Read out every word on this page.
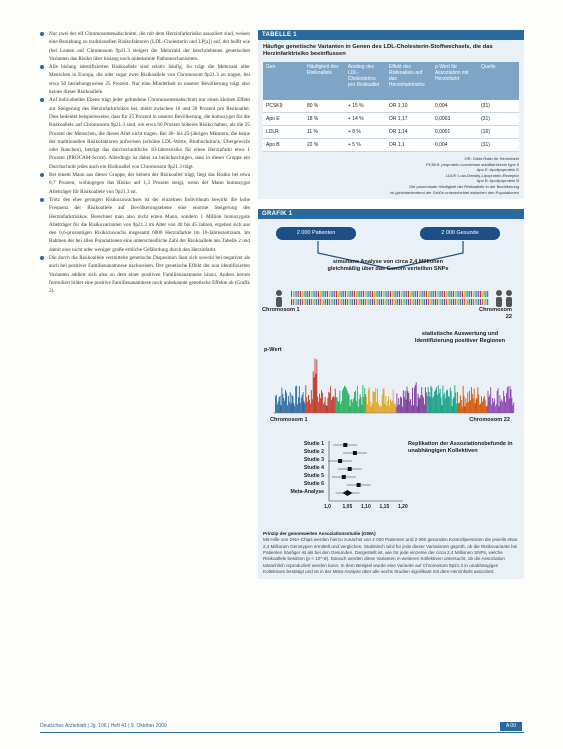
Nur zwei der elf Chromosomenabschnitte, die mit dem Herzinfarktrisiko assoziiert sind, weisen eine Beziehung zu traditionellen Risikofaktoren (LDL-Cholesterin und LP[a]) auf, der heißt wie (bei Leuten auf Chromosom 9p21.3 steigert die Mehrzahl der beschriebenen genetischen Varianten das Risiko über bislang noch unbekannte Pathomechanismen.
Alle bislang identifizierten Risikoallele sind relativ häufig. So trägt die Mehrzahl aller Menschen in Europa, die oder sogar zwei Risikoallele von Chromosom 9p21.3 zu tragen, bei etwa 50 beziehungsweise 25 Prozent. Nur eine Minderheit in unserer Bevölkerung trägt also keines dieser Risikoallele.
Auf individueller Ebene trägt jeder gefundene Chromosomenabschnitt nur einen kleinen Effekt zur Steigerung des Herzinfarktrisikos bei, meist zwischen 10 und 30 Prozent pro Risikoallel. Dies bedeutet beispielsweise, dass für 25 Prozent in unserer Bevölkerung, die homozygot für die Risikoallele auf Chromosom 9p21.3 sind, ein etwa 60 Prozent höheres Risiko haben, als die 25 Prozent der Menschen, die dieses Allel nicht tragen. Bei 40- bis 45-jährigen Männern, die keine der traditionellen Risikofaktoren aufweisen (erhöhte LDL-Werte, Bluthochdruck, Übergewicht oder Rauchen), beträgt das durchschnittliche 10-Jahresrisiko für einen Herzinfarkt etwa 1 Prozent (PROCAM-Score). Allerdings ist dabei zu berücksichtigen, dass in dieser Gruppe ein Durchschnitt jedes auch ein Risikoallel von Chromosom 9p21.3 trägt.
Bei einem Mann aus dieser Gruppe, der keinen der Risikoallel trägt, liegt das Risiko bei etwa 0,7 Prozent, wohingegen das Risiko auf 1,3 Prozent steigt, wenn der Mann homozygot Allelträger für Risikoallele von 9p21.3 ist.
Trotz des eher geringen Risikozuwachses ist der einzelnen Individuum bewirkt die hohe Frequenz der Risikoallele auf Bevölkerungsebene eine enorme Steigerung des Herzinfarktrisikos. Berechnet man also nicht einen Mann, sondern 1 Million homozygote Allelträger für die Risikovarianten von 9p21.3 im Alter von 40 bis 45 Jahren, ergeben sich aus den 0,6-prozentigen Risikozuwachs insgesamt 6000 Herzinfarkte im 10-Jahreszeitraum. Im Rahmen der bei allen Populationen eine unterschiedliche Zahl der Risikoallele aus Tabelle 2 und damit eine nicht oder weniger große erbliche Gefährdung durch den Herzinfarkt.
Die durch die Risikoallele vermittelte genetische Disposition lässt sich sowohl bei negativer als auch bei positiver Familienanamnese nachweisen. Der genetische Effekt der nun identifizierten Varianten addiert sich also zu dem einer positiven Familienanamnese hinzu. Anders herum formuliert bildet eine positive Familienanamnese noch unbekannte genetische Effekte ab (Grafik 2).
TABELLE 1
Häufige genetische Varianten in Genen des LDL-Cholesterin-Stoffwechsels, die das Herzinfarktrisiko beeinflussen
Gen	Häufigkeit des Risikoallels	Anstieg des LDL-Cholesterins pro Risikoallel	Effekt des Risikoallels auf das Herzinfarktrisiko	p-Wert für Assoziation mit Herzinfarkt	Quelle
PCSK9	80 %	+ 15 %	OR 1,10	0,004	(31)
Apo E	18 %	+ 14 %	OR 1,17	0,0003	(31)
LDLR	11 %	+ 8 %	OR 1,14	0,0001	(16)
Apo B	22 %	+ 5 %	OR 1,1	0,004	(31)
OR: Odds Ratio für Herzinfarkt
PCSK9: proprotein convertase subtilisin/kexin type 9
Apo E: Apolipoprotein E
LDLR: Low-Density-Lipoprotein-Rezeptor
Apo B: Apolipoprotein B
Die prozentuale Häufigkeit der Risikoallele in der Bevölkerung
ist gleichbedeutend der Größe unterscheidet zwischen den Populationen
GRAFIK 1
2 000 Patienten	2 000 Gesunde
simultane Analyse von circa 2,4 Millionen gleichmäßig über das Genom verteilten SNPs
Chromosom 1	Chromosom 22
statistische Auswertung und Identifizierung positiver Regionen
p-Wert
Chromosom 1	Chromosom 22
Replikation der Assoziationsbefunde in unabhängigen Kollektiven
Studie 1
Studie 2
Studie 3
Studie 4
Studie 5
Studie 6
Meta-Analyse
1,0 1,05 1,10 1,15 1,20
Prinzip der genomweiten Assoziationsstudie (GWA)
Mit Hilfe von DNA-Chips werden hierzu zunächst von 2 000 Patienten und 2 000 gesunden Kontrollpersonen die jeweils etwa 2,4 Millionen Genotypen ermittelt und verglichen. Statistisch wird für jede dieser Variationen geprüft, ob die Risikovariante bei Patienten häufiger ist als bei den Gesunden. Dargestellt ist, wie für jede einzelne der circa 2,4 Millionen SNPs, welche Risikoallele besitzen (p < 10^-8). Danach werden diese Varianten in weiteren Kollektiven untersucht, ob die Assoziation tatsächlich reproduziert werden kann. In dem Beispiel wurde eine Variante auf Chromosom 9p21.3 in unabhängigen Kollektiven bestätigt und ist in der Meta-Analyse über alle sechs Studien signifikant mit dem Herzinfarkt assoziiert.
Deutsches Ärzteblatt | Jg. 106 | Heft 41 | 9. Oktober 2009	A 00
